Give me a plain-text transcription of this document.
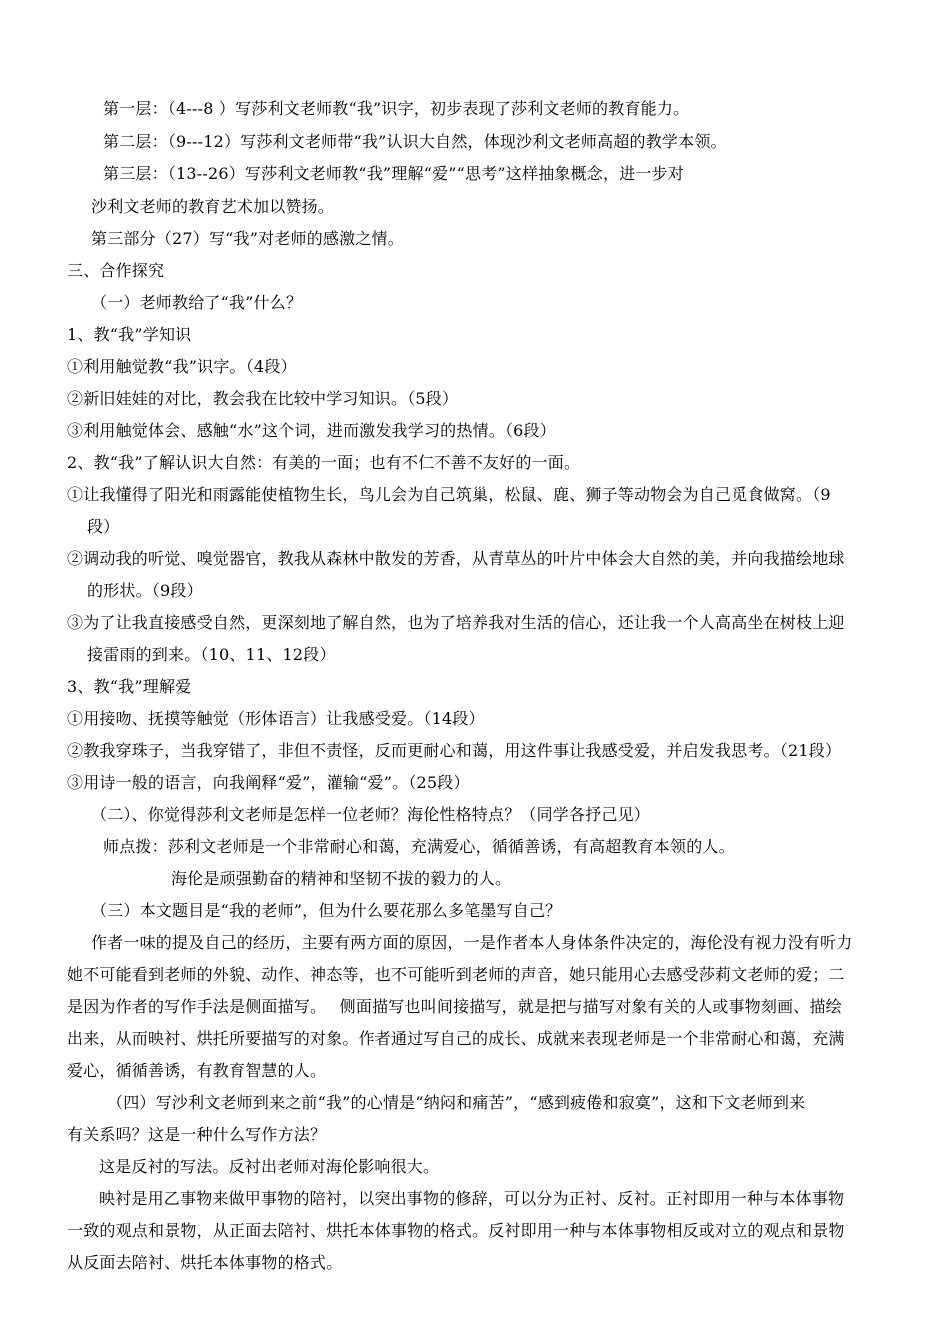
第一层：（4---8 ）写莎利文老师教“我”识字，初步表现了莎利文老师的教育能力。
第二层：（9---12）写莎利文老师带“我”认识大自然，体现沙利文老师高超的教学本领。
第三层：（13--26）写莎利文老师教“我”理解“爱”“思考”这样抽象概念，进一步对
沙利文老师的教育艺术加以赞扬。
第三部分（27）写“我”对老师的感激之情。
三、合作探究
（一）老师教给了“我”什么？
1、教“我”学知识
①利用触觉教“我”识字。（4段）
②新旧娃娃的对比，教会我在比较中学习知识。（5段）
③利用触觉体会、感触“水”这个词，进而激发我学习的热情。（6段）
2、教“我”了解认识大自然：有美的一面；也有不仁不善不友好的一面。
①让我懂得了阳光和雨露能使植物生长，鸟儿会为自己筑巢，松鼠、鹿、狮子等动物会为自己觅食做窝。（9
段）
②调动我的听觉、嗅觉器官，教我从森林中散发的芳香，从青草丛的叶片中体会大自然的美，并向我描绘地球
的形状。（9段）
③为了让我直接感受自然，更深刻地了解自然，也为了培养我对生活的信心，还让我一个人高高坐在树枝上迎
接雷雨的到来。（10、11、12段）
3、教“我”理解爱
①用接吻、抚摸等触觉（形体语言）让我感受爱。（14段）
②教我穿珠子，当我穿错了，非但不责怪，反而更耐心和蔼，用这件事让我感受爱，并启发我思考。（21段）
③用诗一般的语言，向我阐释“爱”，灌输“爱”。（25段）
（二）、你觉得莎利文老师是怎样一位老师？海伦性格特点？（同学各抒己见）
师点拨：莎利文老师是一个非常耐心和蔼，充满爱心，循循善诱，有高超教育本领的人。
海伦是顽强勤奋的精神和坚韧不拔的毅力的人。
（三）本文题目是“我的老师”，但为什么要花那么多笔墨写自己？
作者一味的提及自己的经历，主要有两方面的原因，一是作者本人身体条件决定的，海伦没有视力没有听力
她不可能看到老师的外貌、动作、神态等，也不可能听到老师的声音，她只能用心去感受莎莉文老师的爱；二
是因为作者的写作手法是侧面描写。　 侧面描写也叫间接描写，就是把与描写对象有关的人或事物刻画、描绘
出来，从而映衬、烘托所要描写的对象。作者通过写自己的成长、成就来表现老师是一个非常耐心和蔼，充满
爱心，循循善诱，有教育智慧的人。
（四）写沙利文老师到来之前“我”的心情是“纳闷和痛苦”，“感到疲倦和寂寞”，这和下文老师到来
有关系吗？这是一种什么写作方法？
这是反衬的写法。反衬出老师对海伦影响很大。
映衬是用乙事物来做甲事物的陪衬，以突出事物的修辞，可以分为正衬、反衬。正衬即用一种与本体事物
一致的观点和景物，从正面去陪衬、烘托本体事物的格式。反衬即用一种与本体事物相反或对立的观点和景物
从反面去陪衬、烘托本体事物的格式。
